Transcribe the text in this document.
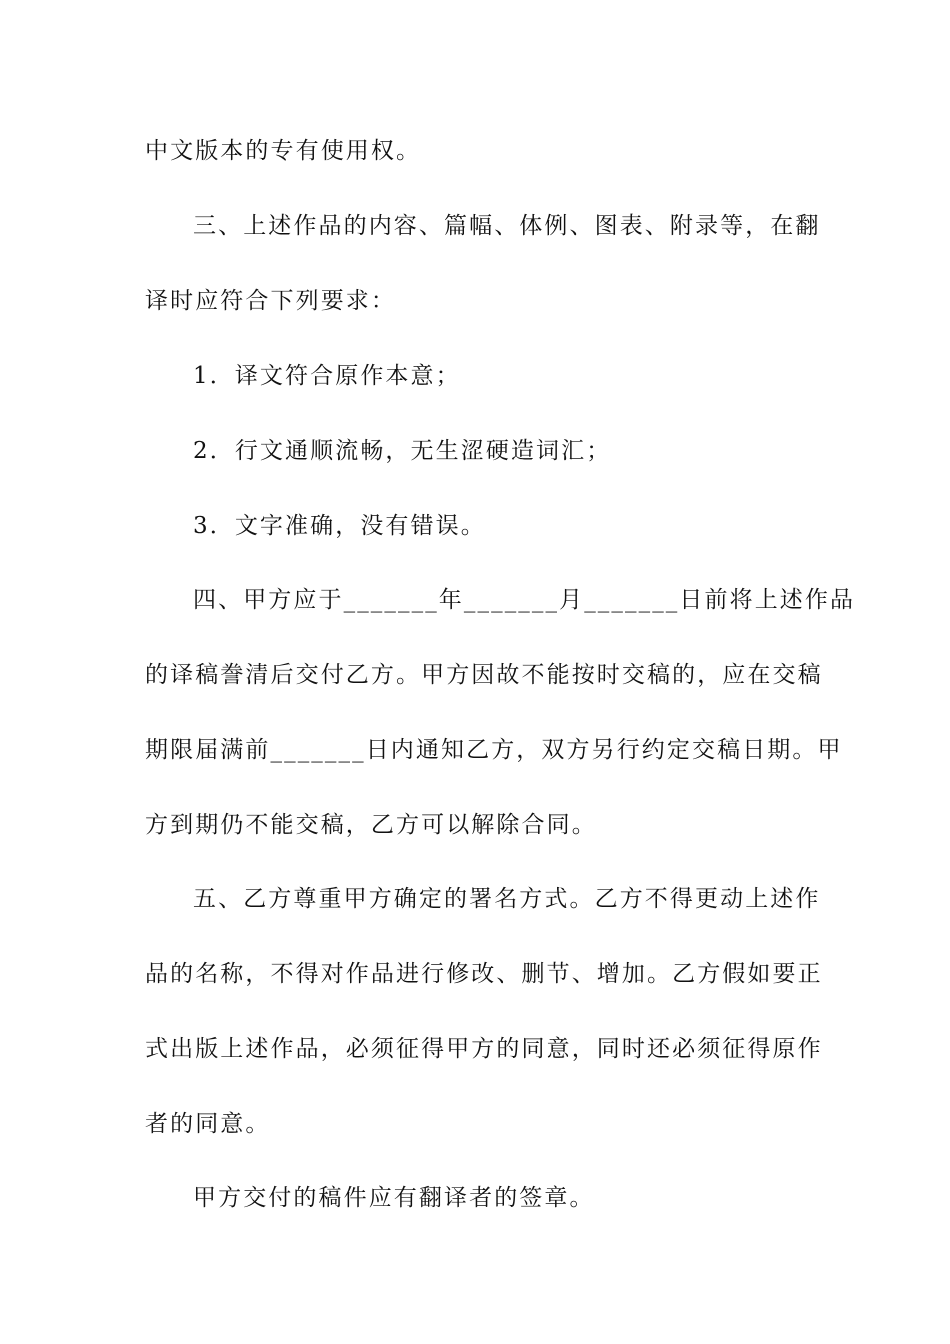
中文版本的专有使用权。
三、上述作品的内容、篇幅、体例、图表、附录等，在翻
译时应符合下列要求：
1．译文符合原作本意；
2．行文通顺流畅，无生涩硬造词汇；
3．文字准确，没有错误。
四、甲方应于_______年_______月_______日前将上述作品
的译稿誊清后交付乙方。甲方因故不能按时交稿的，应在交稿
期限届满前_______日内通知乙方，双方另行约定交稿日期。甲
方到期仍不能交稿，乙方可以解除合同。
五、乙方尊重甲方确定的署名方式。乙方不得更动上述作
品的名称，不得对作品进行修改、删节、增加。乙方假如要正
式出版上述作品，必须征得甲方的同意，同时还必须征得原作
者的同意。
甲方交付的稿件应有翻译者的签章。
